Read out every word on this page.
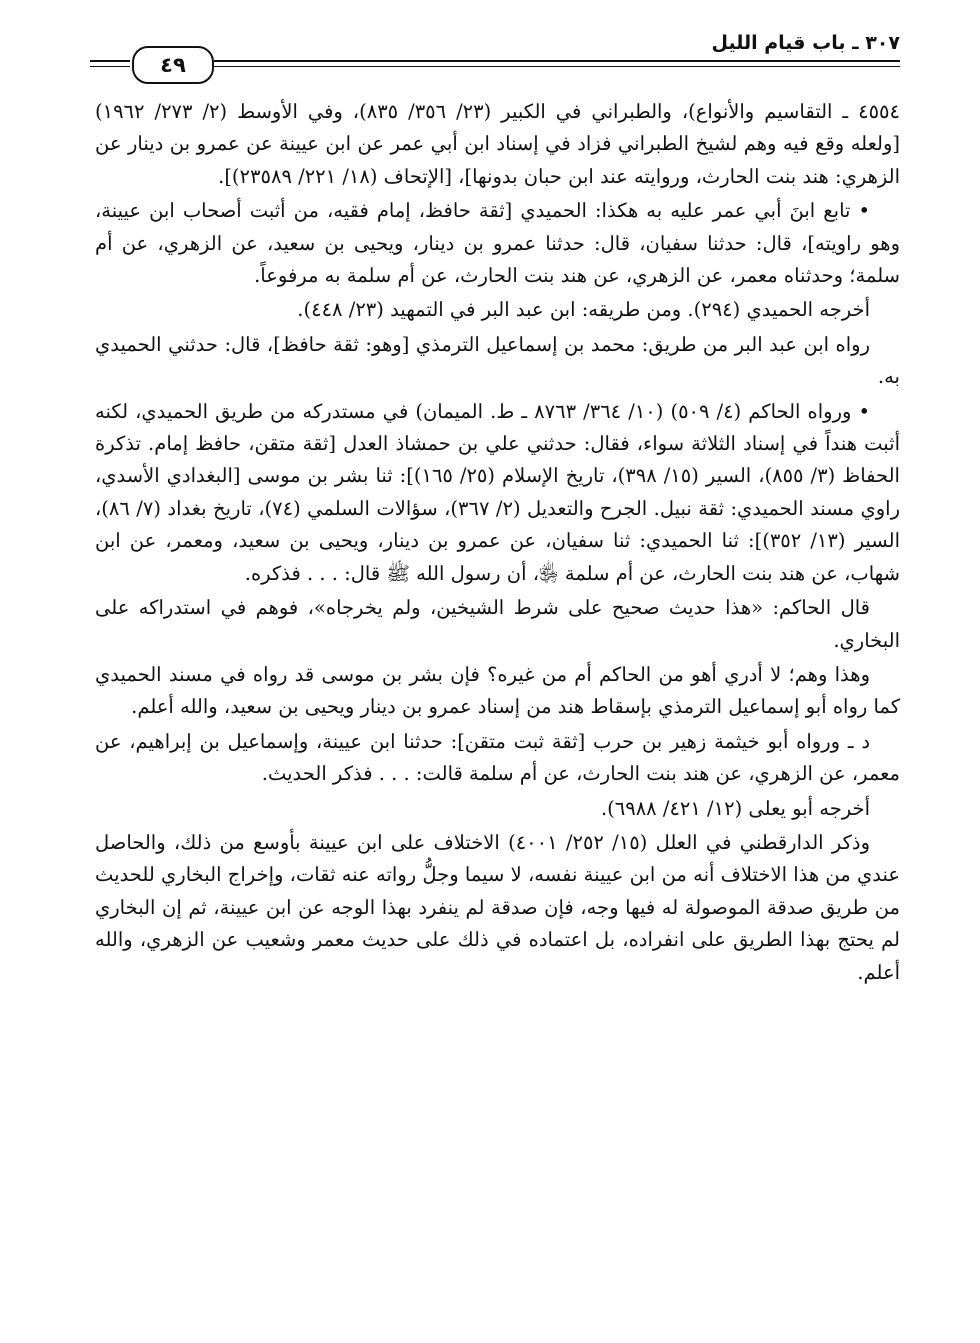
٣٠٧ ـ باب قيام الليل
٤٩

٤٥٥٤ ـ التقاسيم والأنواع)، والطبراني في الكبير (٢٣/ ٣٥٦/ ٨٣٥)، وفي الأوسط (٢/ ٢٧٣/ ١٩٦٢) [ولعله وقع فيه وهم لشيخ الطبراني فزاد في إسناد ابن أبي عمر عن ابن عيينة عن عمرو بن دينار عن الزهري: هند بنت الحارث، وروايته عند ابن حبان بدونها]، [الإتحاف (١٨/ ٢٢١/ ٢٣٥٨٩)].

• تابع ابنَ أبي عمر عليه به هكذا: الحميدي [ثقة حافظ، إمام فقيه، من أثبت أصحاب ابن عيينة، وهو راويته]، قال: حدثنا سفيان، قال: حدثنا عمرو بن دينار، ويحيى بن سعيد، عن الزهري، عن أم سلمة؛ وحدثناه معمر، عن الزهري، عن هند بنت الحارث، عن أم سلمة به مرفوعاً.

أخرجه الحميدي (٢٩٤). ومن طريقه: ابن عبد البر في التمهيد (٢٣/ ٤٤٨).

رواه ابن عبد البر من طريق: محمد بن إسماعيل الترمذي [وهو: ثقة حافظ]، قال: حدثني الحميدي به.

• ورواه الحاكم (٤/ ٥٠٩) (١٠/ ٣٦٤/ ٨٧٦٣ ـ ط. الميمان) في مستدركه من طريق الحميدي، لكنه أثبت هنداً في إسناد الثلاثة سواء، فقال: حدثني علي بن حمشاذ العدل [ثقة متقن، حافظ إمام. تذكرة الحفاظ (٣/ ٨٥٥)، السير (١٥/ ٣٩٨)، تاريخ الإسلام (٢٥/ ١٦٥)]: ثنا بشر بن موسى [البغدادي الأسدي، راوي مسند الحميدي: ثقة نبيل. الجرح والتعديل (٢/ ٣٦٧)، سؤالات السلمي (٧٤)، تاريخ بغداد (٧/ ٨٦)، السير (١٣/ ٣٥٢)]: ثنا الحميدي: ثنا سفيان، عن عمرو بن دينار، ويحيى بن سعيد، ومعمر، عن ابن شهاب، عن هند بنت الحارث، عن أم سلمة ﵂، أن رسول الله ﷺ قال: . . . فذكره.

قال الحاكم: «هذا حديث صحيح على شرط الشيخين، ولم يخرجاه»، فوهم في استدراكه على البخاري.

وهذا وهم؛ لا أدري أهو من الحاكم أم من غيره؟ فإن بشر بن موسى قد رواه في مسند الحميدي كما رواه أبو إسماعيل الترمذي بإسقاط هند من إسناد عمرو بن دينار ويحيى بن سعيد، والله أعلم.

د ـ ورواه أبو خيثمة زهير بن حرب [ثقة ثبت متقن]: حدثنا ابن عيينة، وإسماعيل بن إبراهيم، عن معمر، عن الزهري، عن هند بنت الحارث، عن أم سلمة قالت: . . . فذكر الحديث.

أخرجه أبو يعلى (١٢/ ٤٢١/ ٦٩٨٨).

وذكر الدارقطني في العلل (١٥/ ٢٥٢/ ٤٠٠١) الاختلاف على ابن عيينة بأوسع من ذلك، والحاصل عندي من هذا الاختلاف أنه من ابن عيينة نفسه، لا سيما وجلُّ رواته عنه ثقات، وإخراج البخاري للحديث من طريق صدقة الموصولة له فيها وجه، فإن صدقة لم ينفرد بهذا الوجه عن ابن عيينة، ثم إن البخاري لم يحتج بهذا الطريق على انفراده، بل اعتماده في ذلك على حديث معمر وشعيب عن الزهري، والله أعلم.
